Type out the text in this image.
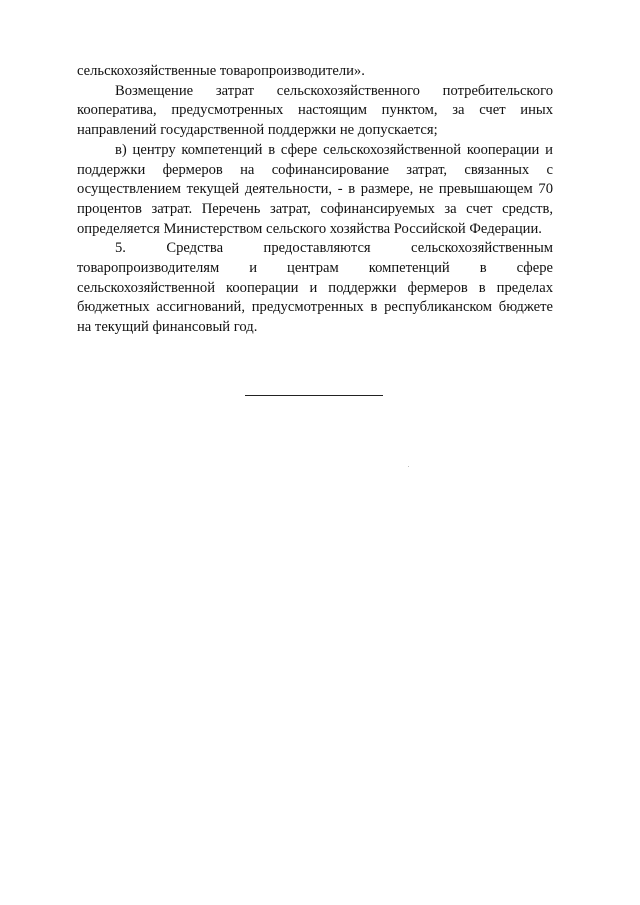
сельскохозяйственные товаропроизводители».

Возмещение затрат сельскохозяйственного потребительского кооператива, предусмотренных настоящим пунктом, за счет иных направлений государственной поддержки не допускается;

в) центру компетенций в сфере сельскохозяйственной кооперации и поддержки фермеров на софинансирование затрат, связанных с осуществлением текущей деятельности, - в размере, не превышающем 70 процентов затрат. Перечень затрат, софинансируемых за счет средств, определяется Министерством сельского хозяйства Российской Федерации.

5. Средства предоставляются сельскохозяйственным товаропроизводителям и центрам компетенций в сфере сельскохозяйственной кооперации и поддержки фермеров в пределах бюджетных ассигнований, предусмотренных в республиканском бюджете на текущий финансовый год.
